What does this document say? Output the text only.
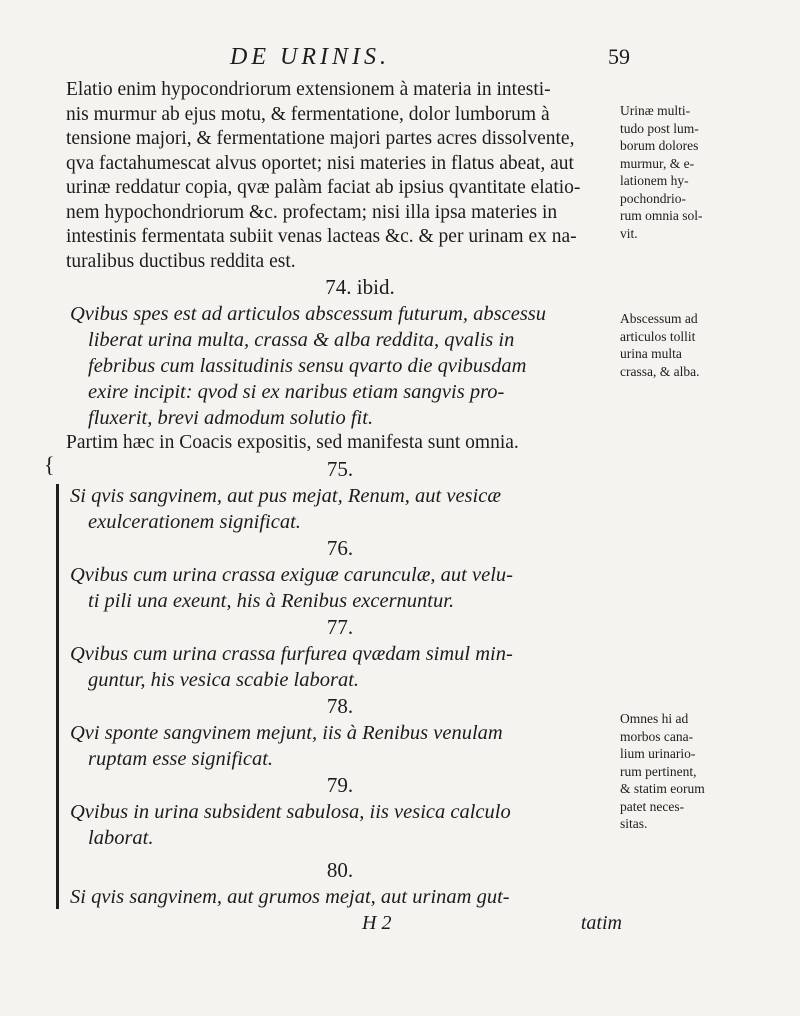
DE URINIS.	59

Elatio enim hypocondriorum extensionem à materia in intesti-
nis murmur ab ejus motu, & fermentatione, dolor lumborum à
tensione majori, & fermentatione majori partes acres dissolvente,
qva factahumescat alvus oportet; nisi materies in flatus abeat, aut
urinæ reddatur copia, qvæ palàm faciat ab ipsius qvantitate elatio-
nem hypochondriorum &c. profectam; nisi illa ipsa materies in
intestinis fermentata subiit venas lacteas &c. & per urinam ex na-
turalibus ductibus reddita est.

74. ibid.
Qvibus spes est ad articulos abscessum futurum, abscessu
liberat urina multa, crassa & alba reddita, qvalis in
febribus cum lassitudinis sensu qvarto die qvibusdam
exire incipit: qvod si ex naribus etiam sangvis pro-
fluxerit, brevi admodum solutio fit.

Partim hæc in Coacis expositis, sed manifesta sunt omnia.

75.
Si qvis sangvinem, aut pus mejat, Renum, aut vesicæ
exulcerationem significat.
76.
Qvibus cum urina crassa exiguæ carunculæ, aut velu-
ti pili una exeunt, his à Renibus excernuntur.
77.
Qvibus cum urina crassa furfurea qvædam simul min-
guntur, his vesica scabie laborat.
78.
Qvi sponte sangvinem mejunt, iis à Renibus venulam
ruptam esse significat.
79.
Qvibus in urina subsident sabulosa, iis vesica calculo
laborat.
80.
Si qvis sangvinem, aut grumos mejat, aut urinam gut-
{
Urinæ multi-
tudo post lum-
borum dolores
murmur, & e-
lationem hy-
pochondrio-
rum omnia sol-
vit.
Abscessum ad
articulos tollit
urina multa
crassa, & alba.
Omnes hi ad
morbos cana-
lium urinario-
rum pertinent,
& statim eorum
patet neces-
sitas.
H 2	tatim
